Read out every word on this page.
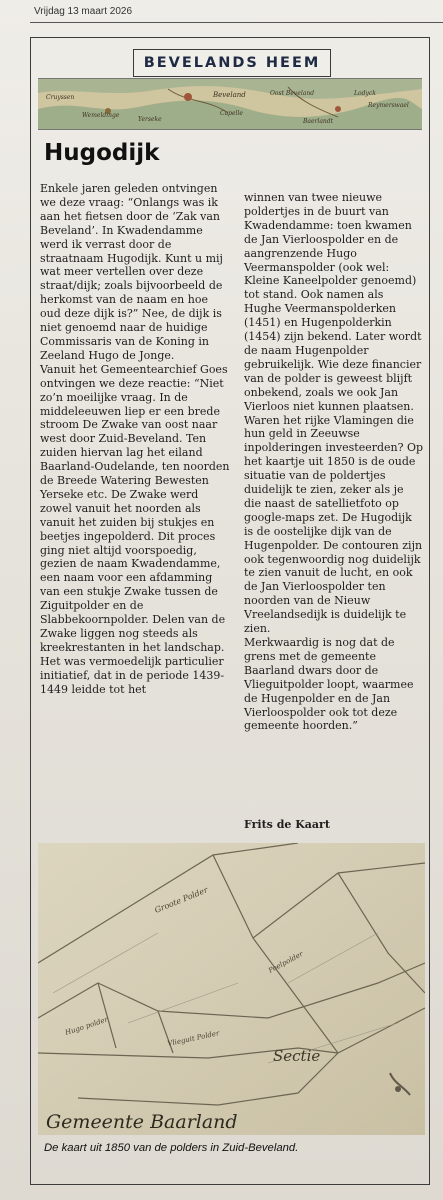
Vrijdag 13 maart 2026
BEVELANDS HEEM
Cruyssen
Wemeldinge
Yerseke
Beveland
Capelle
Oost Beveland	Lodyck
Reymerswael
Baerlandt
Hugodijk

Enkele jaren geleden ontvingen we deze vraag: “Onlangs was ik aan het fietsen door de ‘Zak van Beveland’. In Kwadendamme werd ik verrast door de straatnaam Hugodijk. Kunt u mij wat meer vertellen over deze straat/dijk; zoals bijvoorbeeld de herkomst van de naam en hoe oud deze dijk is?” Nee, de dijk is niet genoemd naar de huidige Commissaris van de Koning in Zeeland Hugo de Jonge.

Vanuit het Gemeentearchief Goes ontvingen we deze reactie: “Niet zo’n moeilijke vraag. In de middeleeuwen liep er een brede stroom De Zwake van oost naar west door Zuid-Beveland. Ten zuiden hiervan lag het eiland Baarland-Oudelande, ten noorden de Breede Watering Bewesten Yerseke etc. De Zwake werd zowel vanuit het noorden als vanuit het zuiden bij stukjes en beetjes ingepolderd. Dit proces ging niet altijd voorspoedig, gezien de naam Kwadendamme, een naam voor een afdamming van een stukje Zwake tussen de Ziguitpolder en de Slabbekoornpolder. Delen van de Zwake liggen nog steeds als kreekrestanten in het landschap.

Het was vermoedelijk particulier initiatief, dat in de periode 1439-1449 leidde tot het

winnen van twee nieuwe poldertjes in de buurt van Kwadendamme: toen kwamen de Jan Vierloospolder en de aangrenzende Hugo Veermanspolder (ook wel: Kleine Kaneelpolder genoemd) tot stand. Ook namen als Hughe Veermanspolderken (1451) en Hugenpolderkin (1454) zijn bekend. Later wordt de naam Hugenpolder gebruikelijk. Wie deze financier van de polder is geweest blijft onbekend, zoals we ook Jan Vierloos niet kunnen plaatsen.

Waren het rijke Vlamingen die hun geld in Zeeuwse inpolderingen investeerden? Op het kaartje uit 1850 is de oude situatie van de poldertjes duidelijk te zien, zeker als je die naast de satellietfoto op google-maps zet. De Hugodijk is de oostelijke dijk van de Hugenpolder. De contouren zijn ook tegenwoordig nog duidelijk te zien vanuit de lucht, en ook de Jan Vierloospolder ten noorden van de Nieuw Vreelandsedijk is duidelijk te zien.

Merkwaardig is nog dat de grens met de gemeente Baarland dwars door de Vlieguitpolder loopt, waarmee de Hugenpolder en de Jan Vierloospolder ook tot deze gemeente hoorden.”

Frits de Kaart
Groote Polder
Hugo polder
Vlieguit Polder
Poelpolder
Sectie
Gemeente Baarland
De kaart uit 1850 van de polders in Zuid-Beveland.
